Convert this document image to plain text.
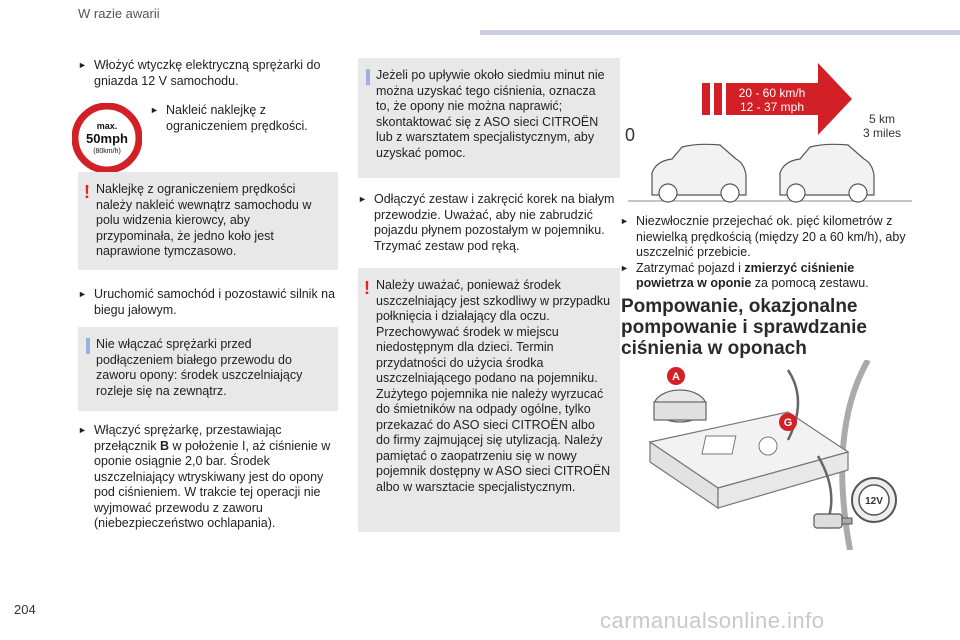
W razie awarii

► Włożyć wtyczkę elektryczną sprężarki do gniazda 12 V samochodu.

max.
50mph
(80km/h)

► Nakleić naklejkę z ograniczeniem prędkości.

! Naklejkę z ograniczeniem prędkości należy nakleić wewnątrz samochodu w polu widzenia kierowcy, aby przypominała, że jedno koło jest naprawione tymczasowo.

► Uruchomić samochód i pozostawić silnik na biegu jałowym.

Nie włączać sprężarki przed podłączeniem białego przewodu do zaworu opony: środek uszczelniający rozleje się na zewnątrz.

► Włączyć sprężarkę, przestawiając przełącznik B w położenie I, aż ciśnienie w oponie osiągnie 2,0 bar. Środek uszczelniający wtryskiwany jest do opony pod ciśnieniem. W trakcie tej operacji nie wyjmować przewodu z zaworu (niebezpieczeństwo ochlapania).

Jeżeli po upływie około siedmiu minut nie można uzyskać tego ciśnienia, oznacza to, że opony nie można naprawić; skontaktować się z ASO sieci CITROËN lub z warsztatem specjalistycznym, aby uzyskać pomoc.

► Odłączyć zestaw i zakręcić korek na białym przewodzie. Uważać, aby nie zabrudzić pojazdu płynem pozostałym w pojemniku. Trzymać zestaw pod ręką.

! Należy uważać, ponieważ środek uszczelniający jest szkodliwy w przypadku połknięcia i działający dla oczu. Przechowywać środek w miejscu niedostępnym dla dzieci. Termin przydatności do użycia środka uszczelniającego podano na pojemniku. Zużytego pojemnika nie należy wyrzucać do śmietników na odpady ogólne, tylko przekazać do ASO sieci CITROËN albo do firmy zajmującej się utylizacją. Należy pamiętać o zaopatrzeniu się w nowy pojemnik dostępny w ASO sieci CITROËN albo w warsztacie specjalistycznym.
20 - 60 km/h
12 - 37 mph
0
5 km
3 miles

► Niezwłocznie przejechać ok. pięć kilometrów z niewielką prędkością (między 20 a 60 km/h), aby uszczelnić przebicie.

► Zatrzymać pojazd i zmierzyć ciśnienie powietrza w oponie za pomocą zestawu.

Pompowanie, okazjonalne pompowanie i sprawdzanie ciśnienia w oponach
A
G
12V
204	carmanualsonline.info
